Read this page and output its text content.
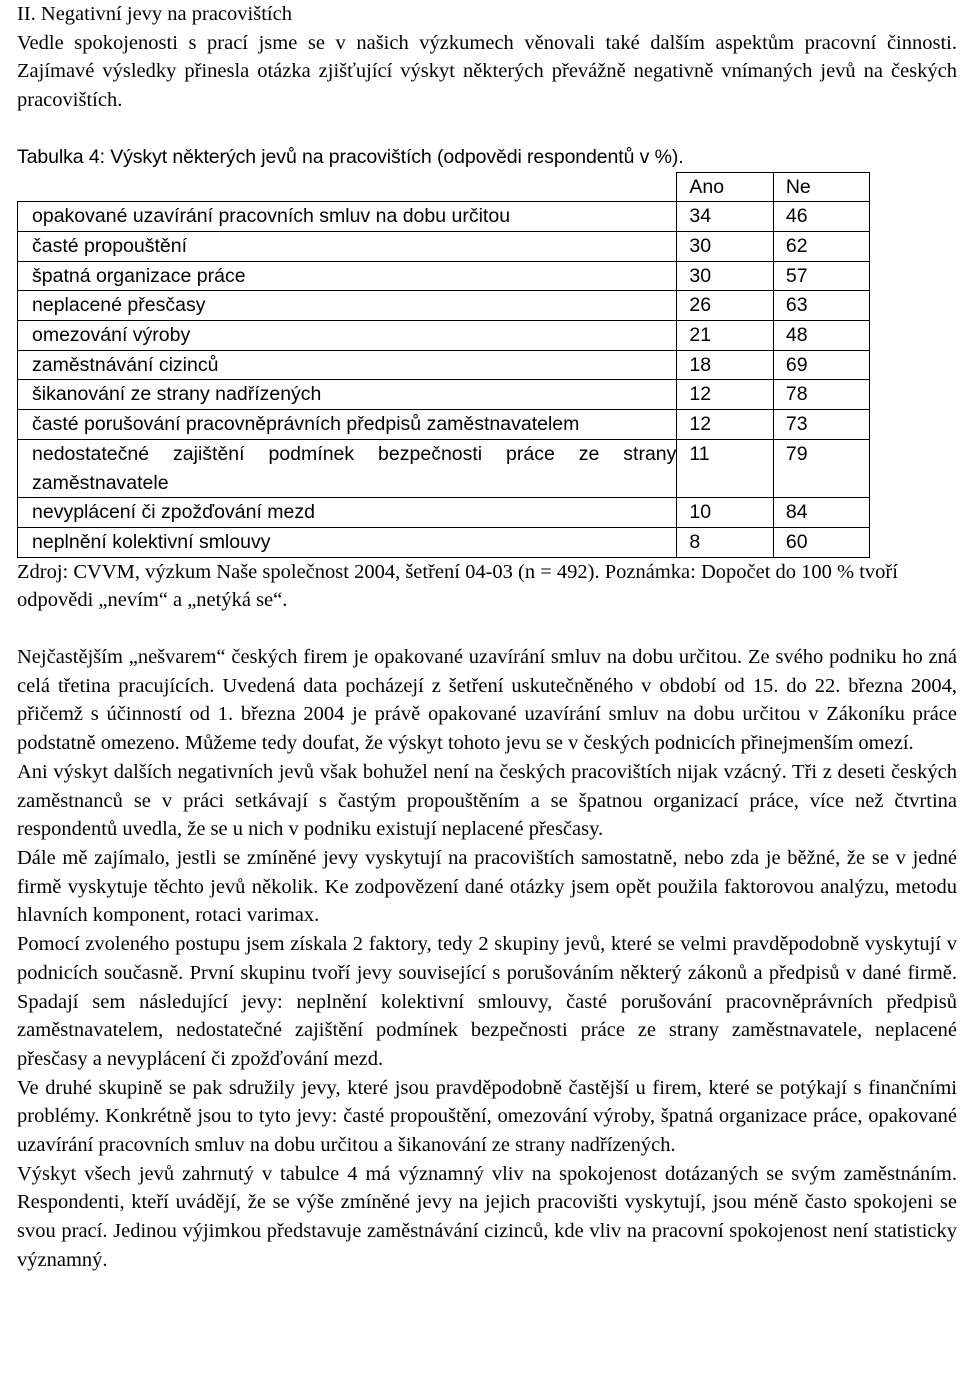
II. Negativní jevy na pracovištích

Vedle spokojenosti s prací jsme se v našich výzkumech věnovali také dalším aspektům pracovní činnosti. Zajímavé výsledky přinesla otázka zjišťující výskyt některých převážně negativně vnímaných jevů na českých pracovištích.

Tabulka 4: Výskyt některých jevů na pracovištích (odpovědi respondentů v %).

	Ano	Ne
opakované uzavírání pracovních smluv na dobu určitou	34	46
časté propouštění	30	62
špatná organizace práce	30	57
neplacené přesčasy	26	63
omezování výroby	21	48
zaměstnávání cizinců	18	69
šikanování ze strany nadřízených	12	78
časté porušování pracovněprávních předpisů zaměstnavatelem	12	73
nedostatečné zajištění podmínek bezpečnosti práce ze strany zaměstnavatele	11	79
nevyplácení či zpožďování mezd	10	84
neplnění kolektivní smlouvy	8	60

Zdroj: CVVM, výzkum Naše společnost 2004, šetření 04-03 (n = 492). Poznámka: Dopočet do 100 % tvoří odpovědi „nevím“ a „netýká se“.

Nejčastějším „nešvarem“ českých firem je opakované uzavírání smluv na dobu určitou. Ze svého podniku ho zná celá třetina pracujících. Uvedená data pocházejí z šetření uskutečněného v období od 15. do 22. března 2004, přičemž s účinností od 1. března 2004 je právě opakované uzavírání smluv na dobu určitou v Zákoníku práce podstatně omezeno. Můžeme tedy doufat, že výskyt tohoto jevu se v českých podnicích přinejmenším omezí.

Ani výskyt dalších negativních jevů však bohužel není na českých pracovištích nijak vzácný. Tři z deseti českých zaměstnanců se v práci setkávají s častým propouštěním a se špatnou organizací práce, více než čtvrtina respondentů uvedla, že se u nich v podniku existují neplacené přesčasy.

Dále mě zajímalo, jestli se zmíněné jevy vyskytují na pracovištích samostatně, nebo zda je běžné, že se v jedné firmě vyskytuje těchto jevů několik. Ke zodpovězení dané otázky jsem opět použila faktorovou analýzu, metodu hlavních komponent, rotaci varimax.

Pomocí zvoleného postupu jsem získala 2 faktory, tedy 2 skupiny jevů, které se velmi pravděpodobně vyskytují v podnicích současně. První skupinu tvoří jevy související s porušováním některý zákonů a předpisů v dané firmě. Spadají sem následující jevy: neplnění kolektivní smlouvy, časté porušování pracovněprávních předpisů zaměstnavatelem, nedostatečné zajištění podmínek bezpečnosti práce ze strany zaměstnavatele, neplacené přesčasy a nevyplácení či zpožďování mezd.

Ve druhé skupině se pak sdružily jevy, které jsou pravděpodobně častější u firem, které se potýkají s finančními problémy. Konkrétně jsou to tyto jevy: časté propouštění, omezování výroby, špatná organizace práce, opakované uzavírání pracovních smluv na dobu určitou a šikanování ze strany nadřízených.

Výskyt všech jevů zahrnutý v tabulce 4 má významný vliv na spokojenost dotázaných se svým zaměstnáním. Respondenti, kteří uvádějí, že se výše zmíněné jevy na jejich pracovišti vyskytují, jsou méně často spokojeni se svou prací. Jedinou výjimkou představuje zaměstnávání cizinců, kde vliv na pracovní spokojenost není statisticky významný.
